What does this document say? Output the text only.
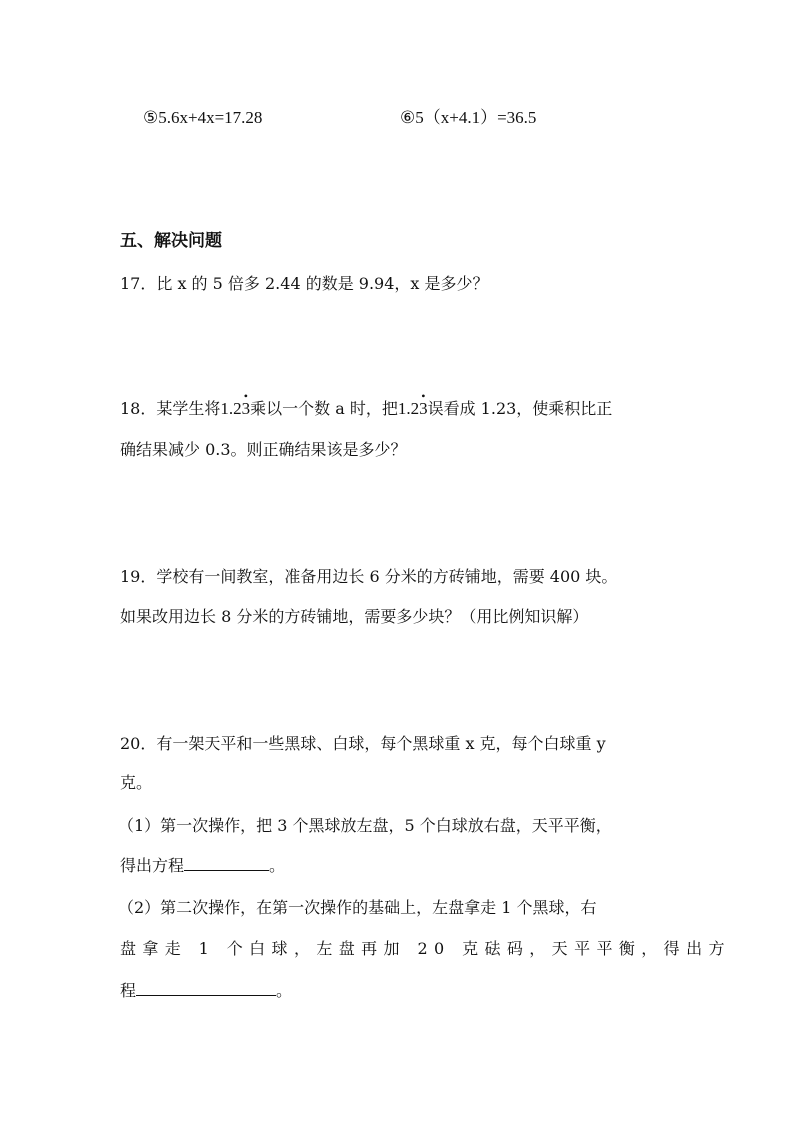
⑤5.6x+4x=17.28	⑥5（x+4.1）=36.5
五、解决问题
17．比 x 的 5 倍多 2.44 的数是 9.94，x 是多少？
18．某学生将1.2
•
3乘以一个数 a 时，把1.2
•
3误看成 1.23，使乘积比正
确结果减少 0.3。则正确结果该是多少？
19．学校有一间教室，准备用边长 6 分米的方砖铺地，需要 400 块。
如果改用边长 8 分米的方砖铺地，需要多少块？（用比例知识解）
20．有一架天平和一些黑球、白球，每个黑球重 x 克，每个白球重 y
克。
（1）第一次操作，把 3 个黑球放左盘，5 个白球放右盘，天平平衡，
得出方程	。
（2）第二次操作，在第一次操作的基础上，左盘拿走 1 个黑球，右
盘拿走 1 个白球，左盘再加 20 克砝码，天平平衡，得出方
程	。
